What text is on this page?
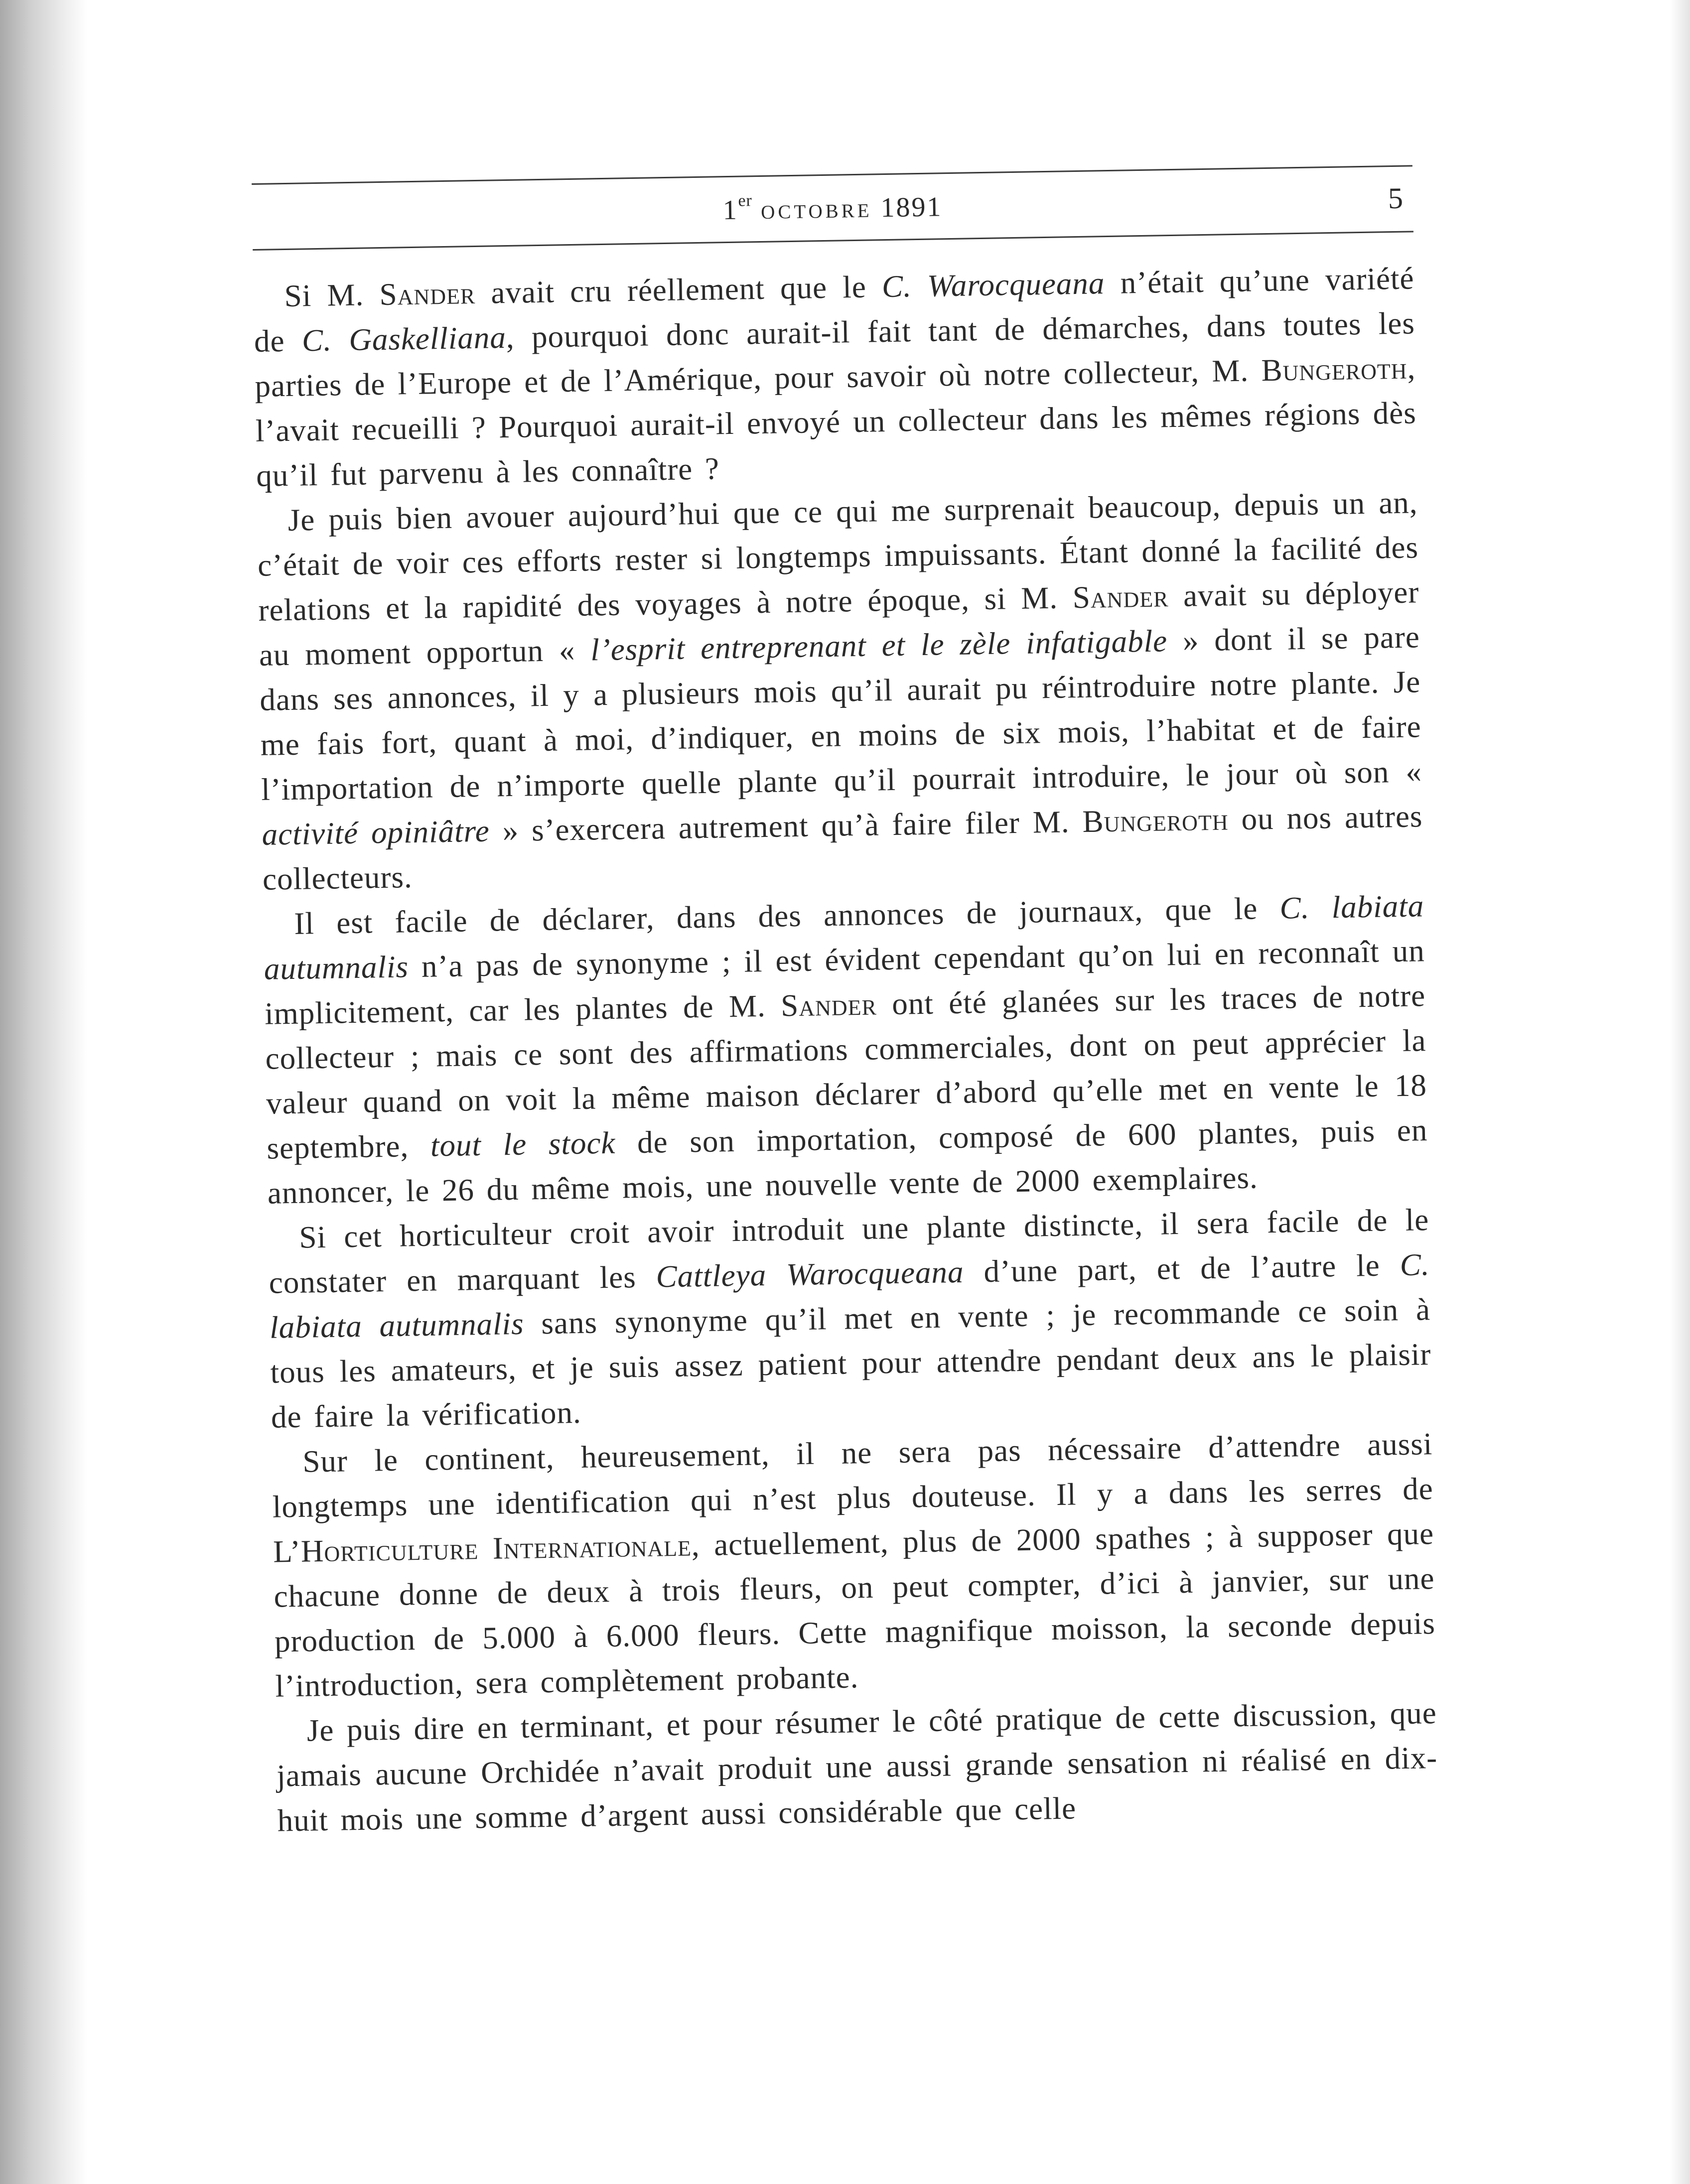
1er octobre 1891	5

Si M. Sander avait cru réellement que le C. Warocqueana n’était qu’une variété de C. Gaskelliana, pourquoi donc aurait-il fait tant de démarches, dans toutes les parties de l’Europe et de l’Amérique, pour savoir où notre collecteur, M. Bungeroth, l’avait recueilli ? Pourquoi aurait-il envoyé un collecteur dans les mêmes régions dès qu’il fut parvenu à les connaître ?

Je puis bien avouer aujourd’hui que ce qui me surprenait beaucoup, depuis un an, c’était de voir ces efforts rester si longtemps impuissants. Étant donné la facilité des relations et la rapidité des voyages à notre époque, si M. Sander avait su déployer au moment opportun « l’esprit entreprenant et le zèle infatigable » dont il se pare dans ses annonces, il y a plusieurs mois qu’il aurait pu réintroduire notre plante. Je me fais fort, quant à moi, d’indiquer, en moins de six mois, l’habitat et de faire l’importation de n’importe quelle plante qu’il pourrait introduire, le jour où son « activité opiniâtre » s’exercera autrement qu’à faire filer M. Bungeroth ou nos autres collecteurs.

Il est facile de déclarer, dans des annonces de journaux, que le C. labiata autumnalis n’a pas de synonyme ; il est évident cependant qu’on lui en reconnaît un implicitement, car les plantes de M. Sander ont été glanées sur les traces de notre collecteur ; mais ce sont des affirmations commerciales, dont on peut apprécier la valeur quand on voit la même maison déclarer d’abord qu’elle met en vente le 18 septembre, tout le stock de son importation, composé de 600 plantes, puis en annoncer, le 26 du même mois, une nouvelle vente de 2000 exemplaires.

Si cet horticulteur croit avoir introduit une plante distincte, il sera facile de le constater en marquant les Cattleya Warocqueana d’une part, et de l’autre le C. labiata autumnalis sans synonyme qu’il met en vente ; je recommande ce soin à tous les amateurs, et je suis assez patient pour attendre pendant deux ans le plaisir de faire la vérification.

Sur le continent, heureusement, il ne sera pas nécessaire d’attendre aussi longtemps une identification qui n’est plus douteuse. Il y a dans les serres de L’Horticulture Internationale, actuellement, plus de 2000 spathes ; à supposer que chacune donne de deux à trois fleurs, on peut compter, d’ici à janvier, sur une production de 5.000 à 6.000 fleurs. Cette magnifique moisson, la seconde depuis l’introduction, sera complètement probante.

Je puis dire en terminant, et pour résumer le côté pratique de cette discussion, que jamais aucune Orchidée n’avait produit une aussi grande sensation ni réalisé en dix-huit mois une somme d’argent aussi considérable que celle
